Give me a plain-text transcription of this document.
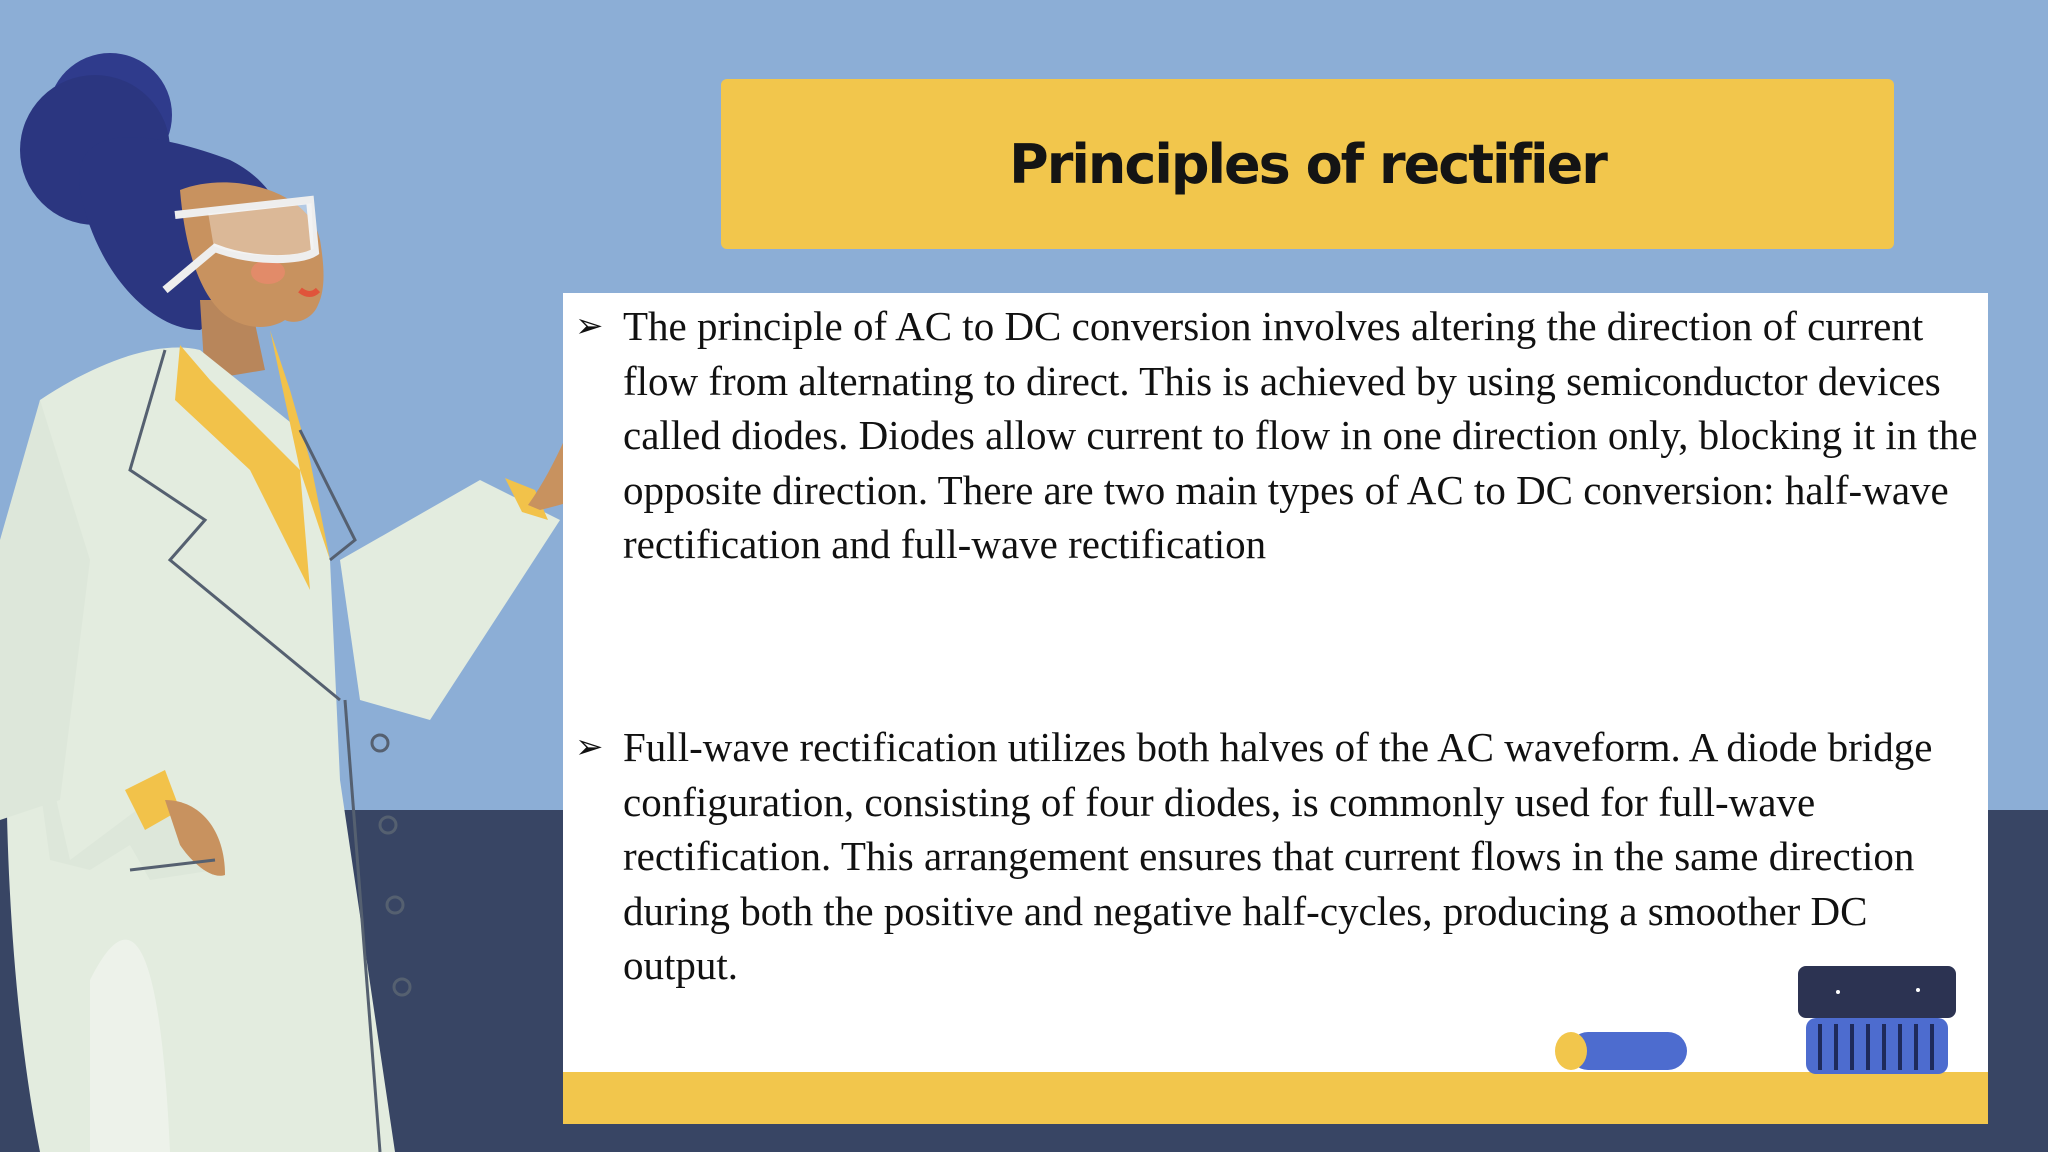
Principles of rectifier
➢ The principle of AC to DC conversion involves altering the direction of current flow from alternating to direct. This is achieved by using semiconductor devices called diodes. Diodes allow current to flow in one direction only, blocking it in the opposite direction. There are two main types of AC to DC conversion: half-wave rectification and full-wave rectification
➢ Full-wave rectification utilizes both halves of the AC waveform. A diode bridge configuration, consisting of four diodes, is commonly used for full-wave rectification. This arrangement ensures that current flows in the same direction during both the positive and negative half-cycles, producing a smoother DC output.
